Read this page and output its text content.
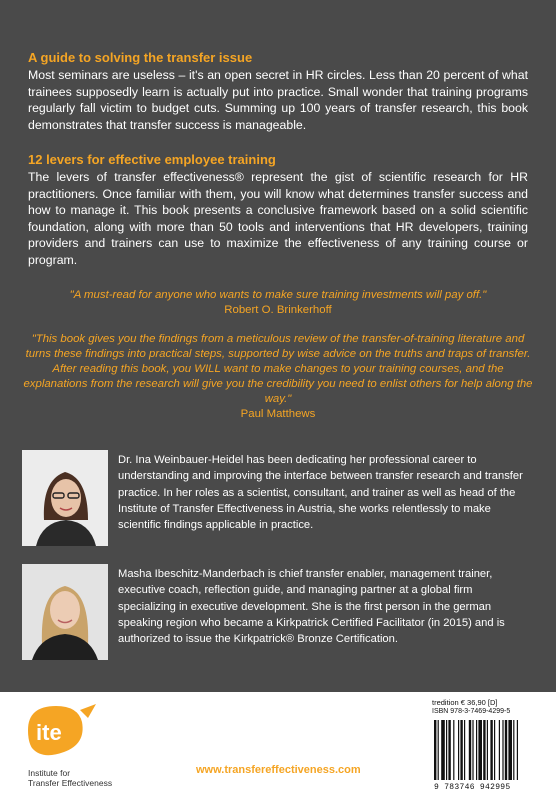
A guide to solving the transfer issue

Most seminars are useless – it's an open secret in HR circles. Less than 20 percent of what trainees supposedly learn is actually put into practice. Small wonder that training programs regularly fall victim to budget cuts. Summing up 100 years of transfer research, this book demonstrates that transfer success is manageable.

12 levers for effective employee training

The levers of transfer effectiveness® represent the gist of scientific research for HR practitioners. Once familiar with them, you will know what determines transfer success and how to manage it. This book presents a conclusive framework based on a solid scientific foundation, along with more than 50 tools and interventions that HR developers, training providers and trainers can use to maximize the effectiveness of any training course or program.

"A must-read for anyone who wants to make sure training investments will pay off."
Robert O. Brinkerhoff
"This book gives you the findings from a meticulous review of the transfer-of-training literature and turns these findings into practical steps, supported by wise advice on the truths and traps of transfer. After reading this book, you WILL want to make changes to your training courses, and the explanations from the research will give you the credibility you need to enlist others for help along the way."
Paul Matthews
Dr. Ina Weinbauer-Heidel has been dedicating her professional career to understanding and improving the interface between transfer research and transfer practice. In her roles as a scientist, consultant, and trainer as well as head of the Institute of Transfer Effectiveness in Austria, she works relentlessly to make scientific findings applicable in practice.
Masha Ibeschitz-Manderbach is chief transfer enabler, management trainer, executive coach, reflection guide, and managing partner at a global firm specializing in executive development. She is the first person in the german speaking region who became a Kirkpatrick Certified Facilitator (in 2015) and is authorized to issue the Kirkpatrick® Bronze Certification.
ite
Institute for
Transfer Effectiveness
www.transfereffectiveness.com
tredition € 36,90 [D]
ISBN 978-3-7469-4299-5
9 783746 942995
